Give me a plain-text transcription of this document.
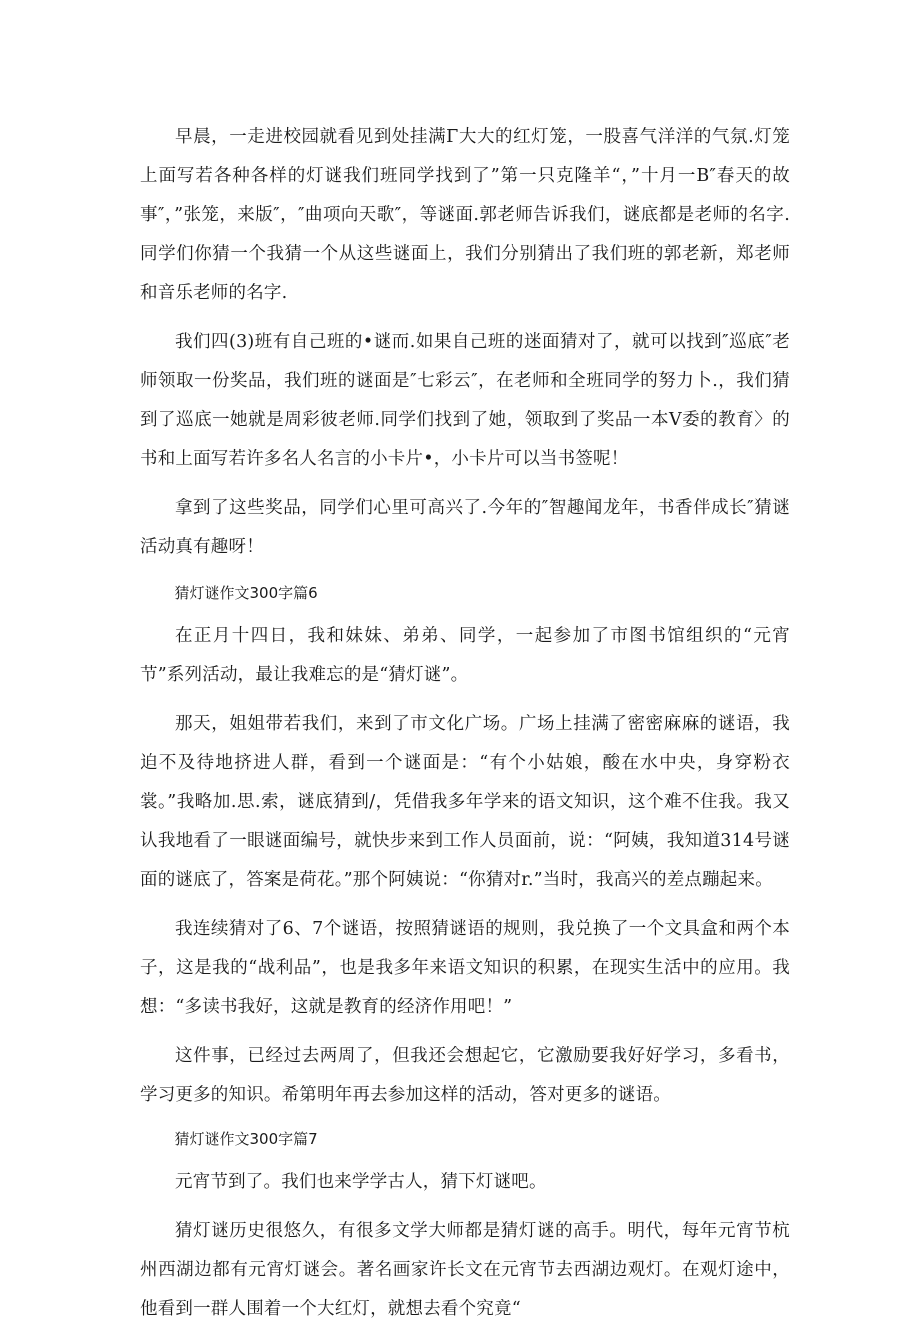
早晨，一走进校园就看见到处挂满Γ大大的红灯笼，一股喜气洋洋的气氛.灯笼上面写若各种各样的灯谜我们班同学找到了”第一只克隆羊“，”十月一B″春天的故事″，”张笼，来版″，″曲项向天歌″，等谜面.郭老师告诉我们，谜底都是老师的名字.同学们你猜一个我猜一个从这些谜面上，我们分别猜出了我们班的郭老新，郑老师和音乐老师的名字.

我们四(3)班有自己班的•谜而.如果自己班的迷面猜对了，就可以找到″巡底″老师领取一份奖品，我们班的谜面是″七彩云″，在老师和全班同学的努力卜.，我们猜到了巡底一她就是周彩彼老师.同学们找到了她，领取到了奖品一本V委的教育〉的书和上面写若许多名人名言的小卡片•，小卡片可以当书签呢！

拿到了这些奖品，同学们心里可高兴了.今年的″智趣闻龙年，书香伴成长″猜谜活动真有趣呀！

猜灯谜作文300字篇6

在正月十四日，我和妹妹、弟弟、同学，一起参加了市图书馆组织的“元宵节”系列活动，最让我难忘的是“猜灯谜”。

那天，姐姐带若我们，来到了市文化广场。广场上挂满了密密麻麻的谜语，我迫不及待地挤进人群，看到一个谜面是：“有个小姑娘，酸在水中央，身穿粉衣裳。”我略加.思.索，谜底猜到/，凭借我多年学来的语文知识，这个难不住我。我又认我地看了一眼谜面编号，就快步来到工作人员面前，说：“阿姨，我知道314号谜面的谜底了，答案是荷花。”那个阿姨说：“你猜对r.”当时，我高兴的差点蹦起来。

我连续猜对了6、7个谜语，按照猜谜语的规则，我兑换了一个文具盒和两个本子，这是我的“战利品”，也是我多年来语文知识的积累，在现实生活中的应用。我想：“多读书我好，这就是教育的经济作用吧！”

这件事，已经过去两周了，但我还会想起它，它激励要我好好学习，多看书，学习更多的知识。希第明年再去参加这样的活动，答对更多的谜语。

猜灯谜作文300字篇7

元宵节到了。我们也来学学古人，猜下灯谜吧。

猜灯谜历史很悠久，有很多文学大师都是猜灯谜的高手。明代，每年元宵节杭州西湖边都有元宵灯谜会。著名画家许长文在元宵节去西湖边观灯。在观灯途中，他看到一群人围着一个大红灯，就想去看个究竟“
